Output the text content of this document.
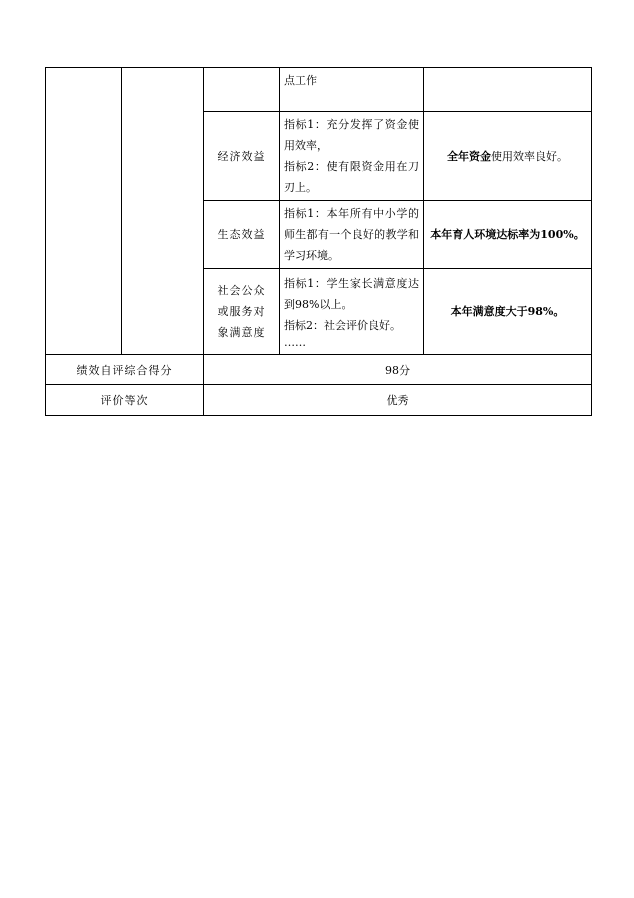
			点工作	

		经济效益	指标1：充分发挥了资金使用效率，

指标2：使有限资金用在刀刃上。	全年资金使用效率良好。
		生态效益	指标1：本年所有中小学的师生都有一个良好的教学和学习环境。	本年育人环境达标率为100%。
		社会公众或服务对象满意度	指标1：学生家长满意度达到98%以上。

指标2：社会评价良好。

……	本年满意度大于98%。
绩效自评综合得分		98分		
评价等次		优秀		
